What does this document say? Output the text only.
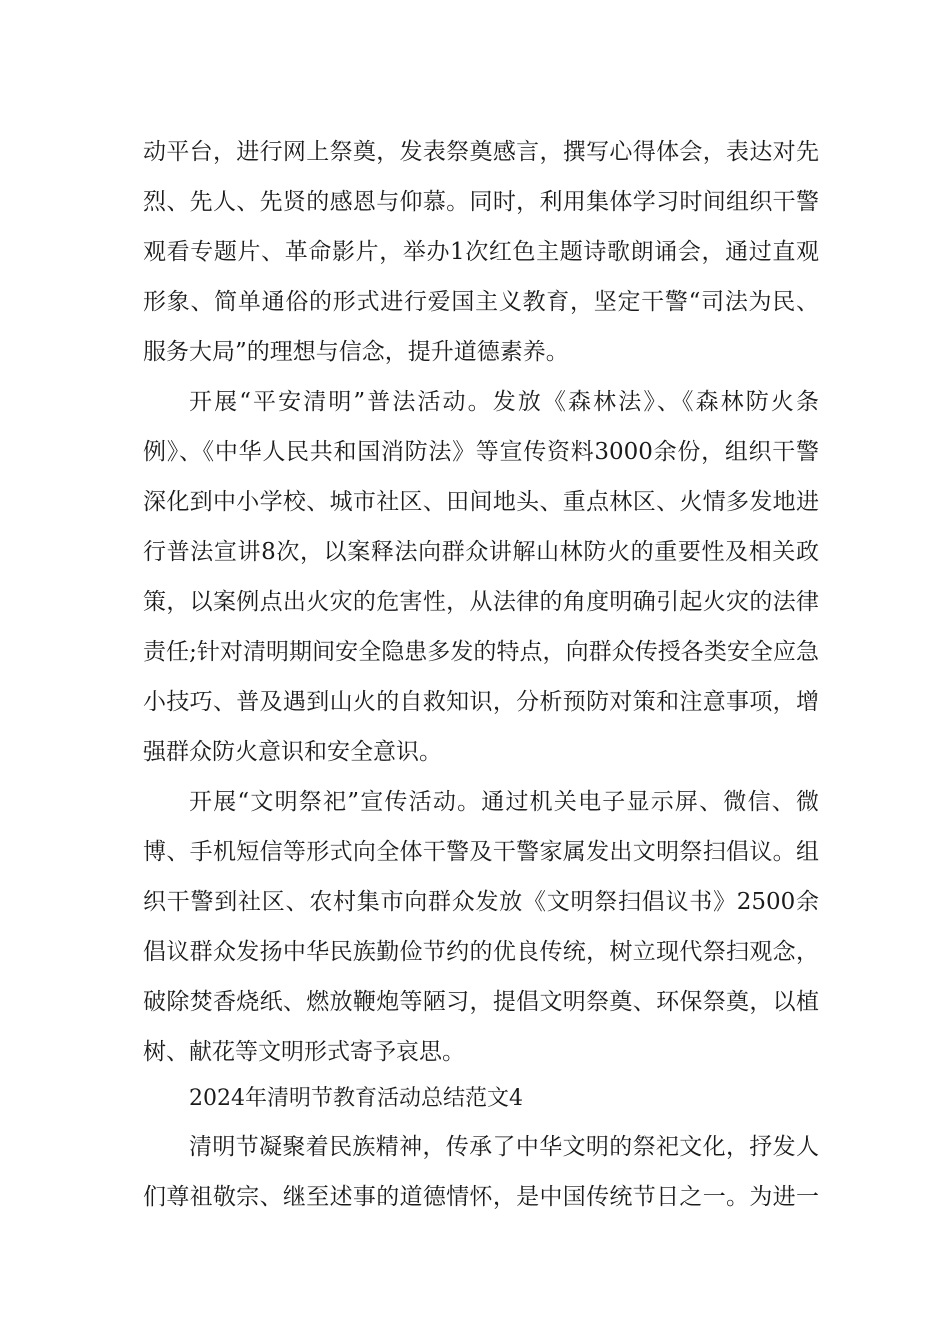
动平台，进行网上祭奠，发表祭奠感言，撰写心得体会，表达对先
烈、先人、先贤的感恩与仰慕。同时，利用集体学习时间组织干警
观看专题片、革命影片，举办1次红色主题诗歌朗诵会，通过直观
形象、简单通俗的形式进行爱国主义教育，坚定干警“司法为民、
服务大局”的理想与信念，提升道德素养。
开展“平安清明”普法活动。发放《森林法》、《森林防火条
例》、《中华人民共和国消防法》等宣传资料3000余份，组织干警
深化到中小学校、城市社区、田间地头、重点林区、火情多发地进
行普法宣讲8次，以案释法向群众讲解山林防火的重要性及相关政
策，以案例点出火灾的危害性，从法律的角度明确引起火灾的法律
责任;针对清明期间安全隐患多发的特点，向群众传授各类安全应急
小技巧、普及遇到山火的自救知识，分析预防对策和注意事项，增
强群众防火意识和安全意识。
开展“文明祭祀”宣传活动。通过机关电子显示屏、微信、微
博、手机短信等形式向全体干警及干警家属发出文明祭扫倡议。组
织干警到社区、农村集市向群众发放《文明祭扫倡议书》2500余
倡议群众发扬中华民族勤俭节约的优良传统，树立现代祭扫观念，
破除焚香烧纸、燃放鞭炮等陋习，提倡文明祭奠、环保祭奠，以植
树、献花等文明形式寄予哀思。
2024年清明节教育活动总结范文4
清明节凝聚着民族精神，传承了中华文明的祭祀文化，抒发人
们尊祖敬宗、继至述事的道德情怀，是中国传统节日之一。为进一
